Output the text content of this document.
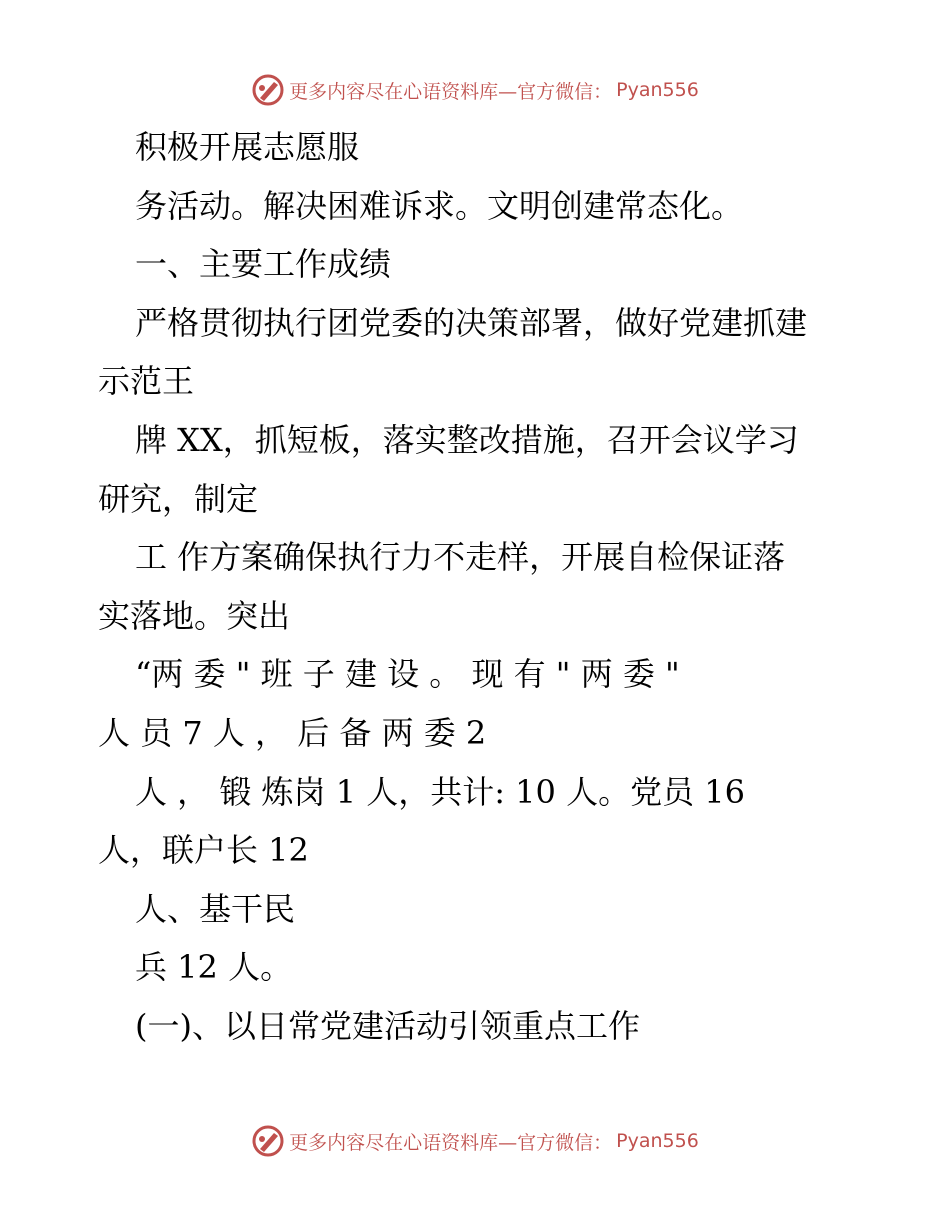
更多内容尽在心语资料库—官方微信： Pyan556
积极开展志愿服
务活动。解决困难诉求。文明创建常态化。
一、主要工作成绩
严格贯彻执行团党委的决策部署，做好党建抓建
示范王
牌 XX，抓短板，落实整改措施，召开会议学习
研究，制定
工 作方案确保执行力不走样，开展自检保证落
实落地。突出
“两 委 " 班 子 建 设 。 现 有 " 两 委 "
人 员 7 人 ， 后 备 两 委 2
人 ， 锻 炼岗 1 人，共计: 10 人。党员 16
人，联户长 12
人、基干民
兵 12 人。
(一)、以日常党建活动引领重点工作
更多内容尽在心语资料库—官方微信： Pyan556
